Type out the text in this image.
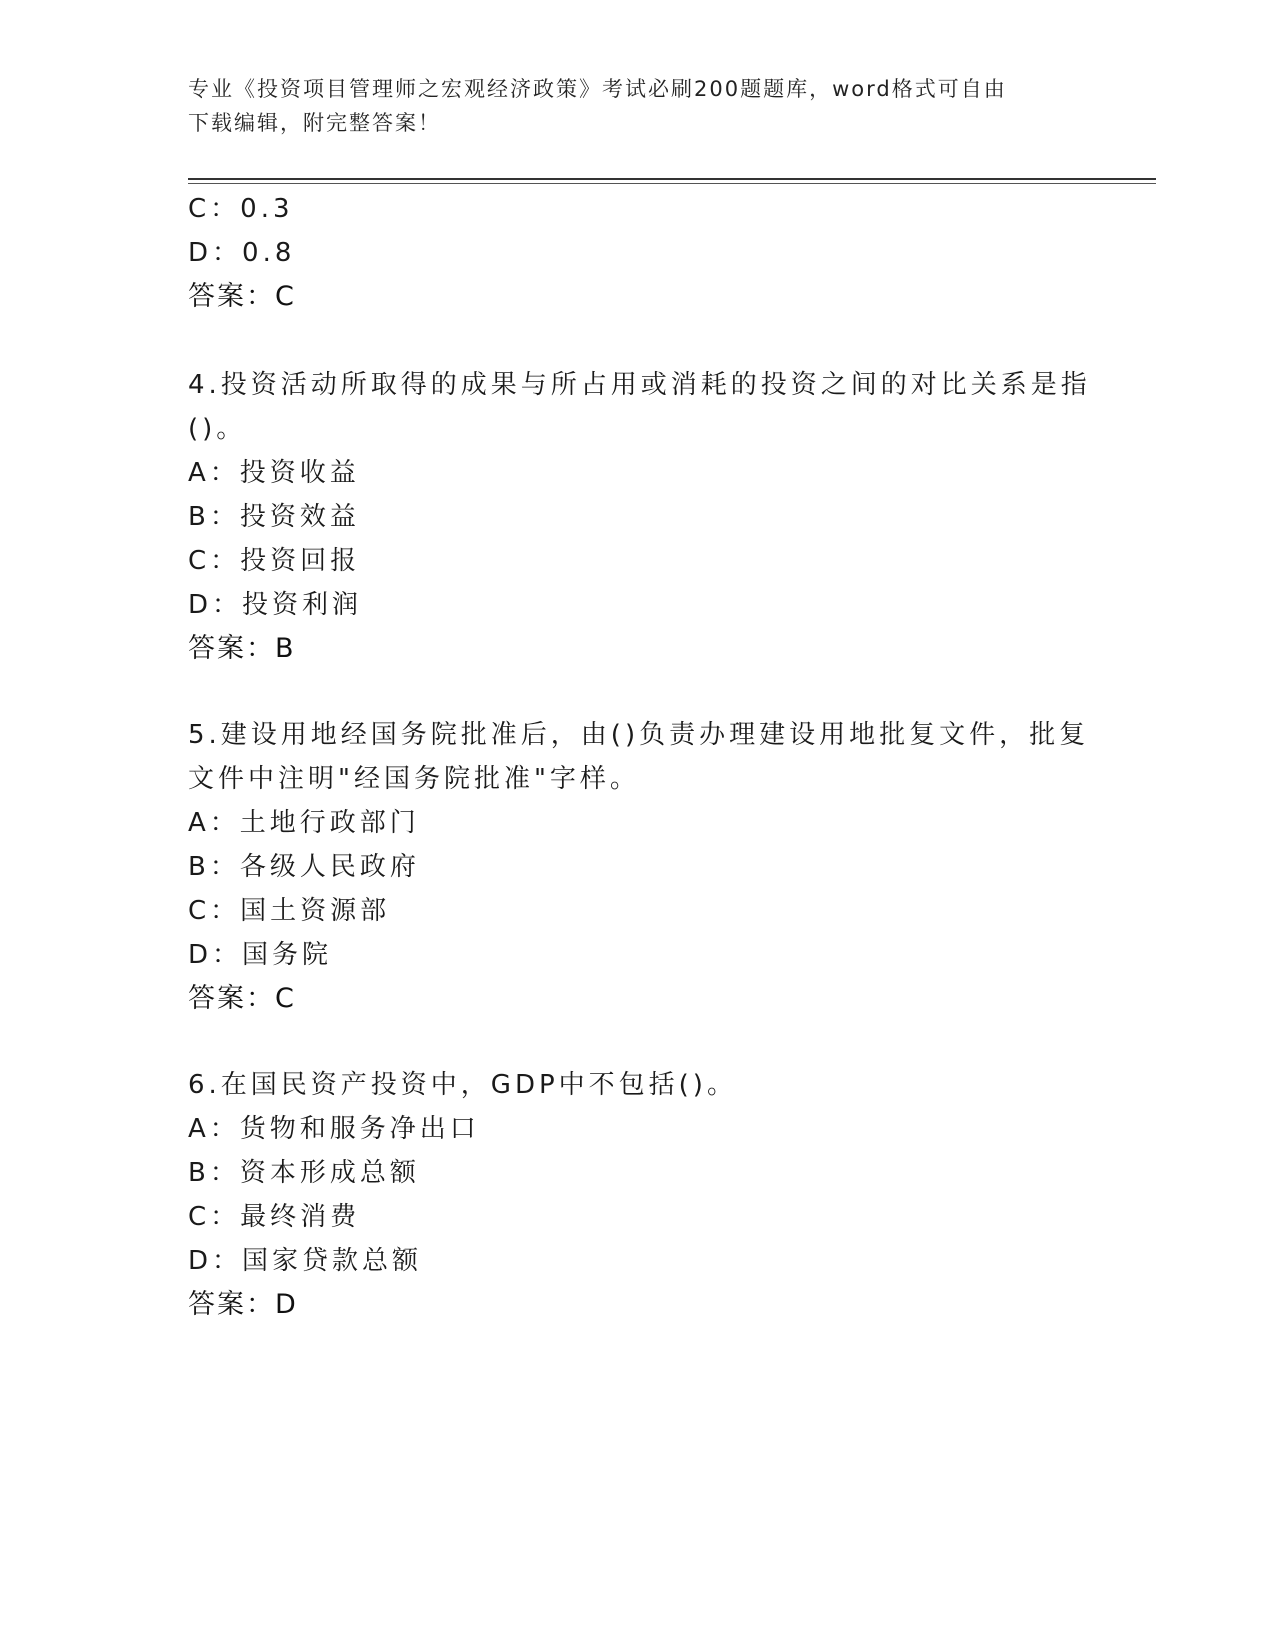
专业《投资项目管理师之宏观经济政策》考试必刷200题题库，word格式可自由
下载编辑，附完整答案！
C：0.3
D：0.8
答案：C
4.投资活动所取得的成果与所占用或消耗的投资之间的对比关系是指
()。
A：投资收益
B：投资效益
C：投资回报
D：投资利润
答案：B
5.建设用地经国务院批准后，由()负责办理建设用地批复文件，批复
文件中注明"经国务院批准"字样。
A：土地行政部门
B：各级人民政府
C：国土资源部
D：国务院
答案：C
6.在国民资产投资中，GDP中不包括()。
A：货物和服务净出口
B：资本形成总额
C：最终消费
D：国家贷款总额
答案：D
